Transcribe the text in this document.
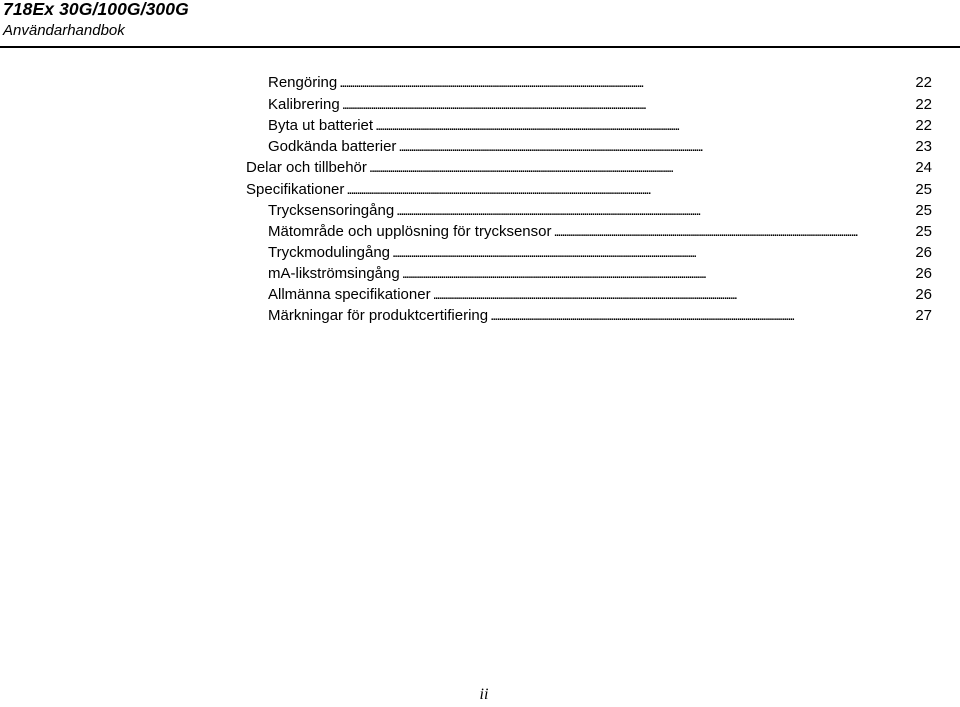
718Ex 30G/100G/300G
Användarhandbok
Rengöring . . .	22
Kalibrering . . .	22
Byta ut batteriet . . .	22
Godkända batterier . . .	23
Delar och tillbehör . . .	24
Specifikationer . . .	25
Trycksensoringång . . .	25
Mätområde och upplösning för trycksensor . . .	25
Tryckmodulingång . . .	26
mA-likströmsingång . . .	26
Allmänna specifikationer . . .	26
Märkningar för produktcertifiering . . .	27
ii
